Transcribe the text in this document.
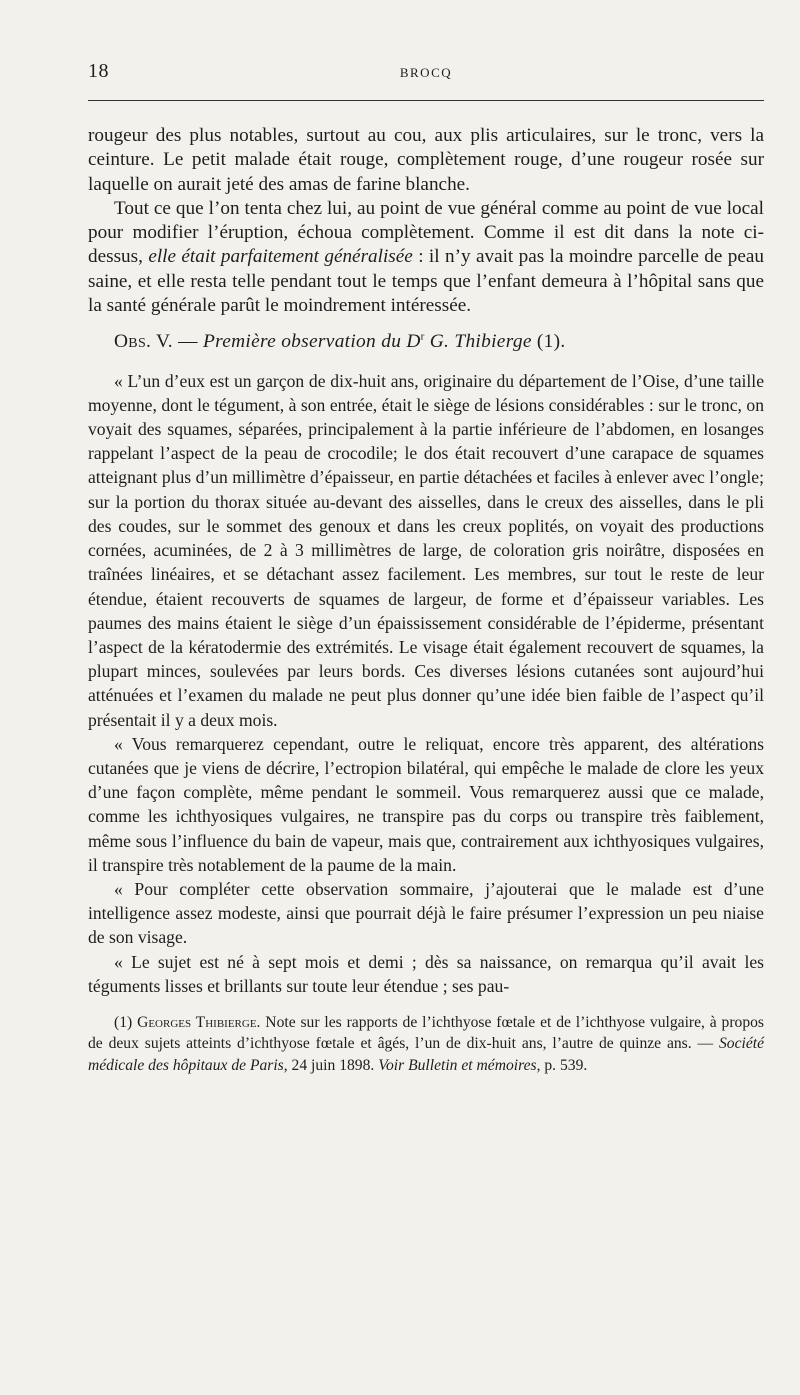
18	BROCQ

rougeur des plus notables, surtout au cou, aux plis articulaires, sur le tronc, vers la ceinture. Le petit malade était rouge, complètement rouge, d’une rougeur rosée sur laquelle on aurait jeté des amas de farine blanche.

Tout ce que l’on tenta chez lui, au point de vue général comme au point de vue local pour modifier l’éruption, échoua complètement. Comme il est dit dans la note ci-dessus, elle était parfaitement généralisée : il n’y avait pas la moindre parcelle de peau saine, et elle resta telle pendant tout le temps que l’enfant demeura à l’hôpital sans que la santé générale parût le moindrement intéressée.

Obs. V. — Première observation du $D^r$ G. Thibierge (1).

« L’un d’eux est un garçon de dix-huit ans, originaire du département de l’Oise, d’une taille moyenne, dont le tégument, à son entrée, était le siège de lésions considérables : sur le tronc, on voyait des squames, séparées, principalement à la partie inférieure de l’abdomen, en losanges rappelant l’aspect de la peau de crocodile; le dos était recouvert d’une carapace de squames atteignant plus d’un millimètre d’épaisseur, en partie détachées et faciles à enlever avec l’ongle; sur la portion du thorax située au-devant des aisselles, dans le creux des aisselles, dans le pli des coudes, sur le sommet des genoux et dans les creux poplités, on voyait des productions cornées, acuminées, de 2 à 3 millimètres de large, de coloration gris noirâtre, disposées en traînées linéaires, et se détachant assez facilement. Les membres, sur tout le reste de leur étendue, étaient recouverts de squames de largeur, de forme et d’épaisseur variables. Les paumes des mains étaient le siège d’un épaississement considérable de l’épiderme, présentant l’aspect de la kératodermie des extrémités. Le visage était également recouvert de squames, la plupart minces, soulevées par leurs bords. Ces diverses lésions cutanées sont aujourd’hui atténuées et l’examen du malade ne peut plus donner qu’une idée bien faible de l’aspect qu’il présentait il y a deux mois.

« Vous remarquerez cependant, outre le reliquat, encore très apparent, des altérations cutanées que je viens de décrire, l’ectropion bilatéral, qui empêche le malade de clore les yeux d’une façon complète, même pendant le sommeil. Vous remarquerez aussi que ce malade, comme les ichthyosiques vulgaires, ne transpire pas du corps ou transpire très faiblement, même sous l’influence du bain de vapeur, mais que, contrairement aux ichthyosiques vulgaires, il transpire très notablement de la paume de la main.

« Pour compléter cette observation sommaire, j’ajouterai que le malade est d’une intelligence assez modeste, ainsi que pourrait déjà le faire présumer l’expression un peu niaise de son visage.

« Le sujet est né à sept mois et demi ; dès sa naissance, on remarqua qu’il avait les téguments lisses et brillants sur toute leur étendue ; ses pau-

(1) Georges Thibierge. Note sur les rapports de l’ichthyose fœtale et de l’ichthyose vulgaire, à propos de deux sujets atteints d’ichthyose fœtale et âgés, l’un de dix-huit ans, l’autre de quinze ans. — Société médicale des hôpitaux de Paris, 24 juin 1898. Voir Bulletin et mémoires, p. 539.
